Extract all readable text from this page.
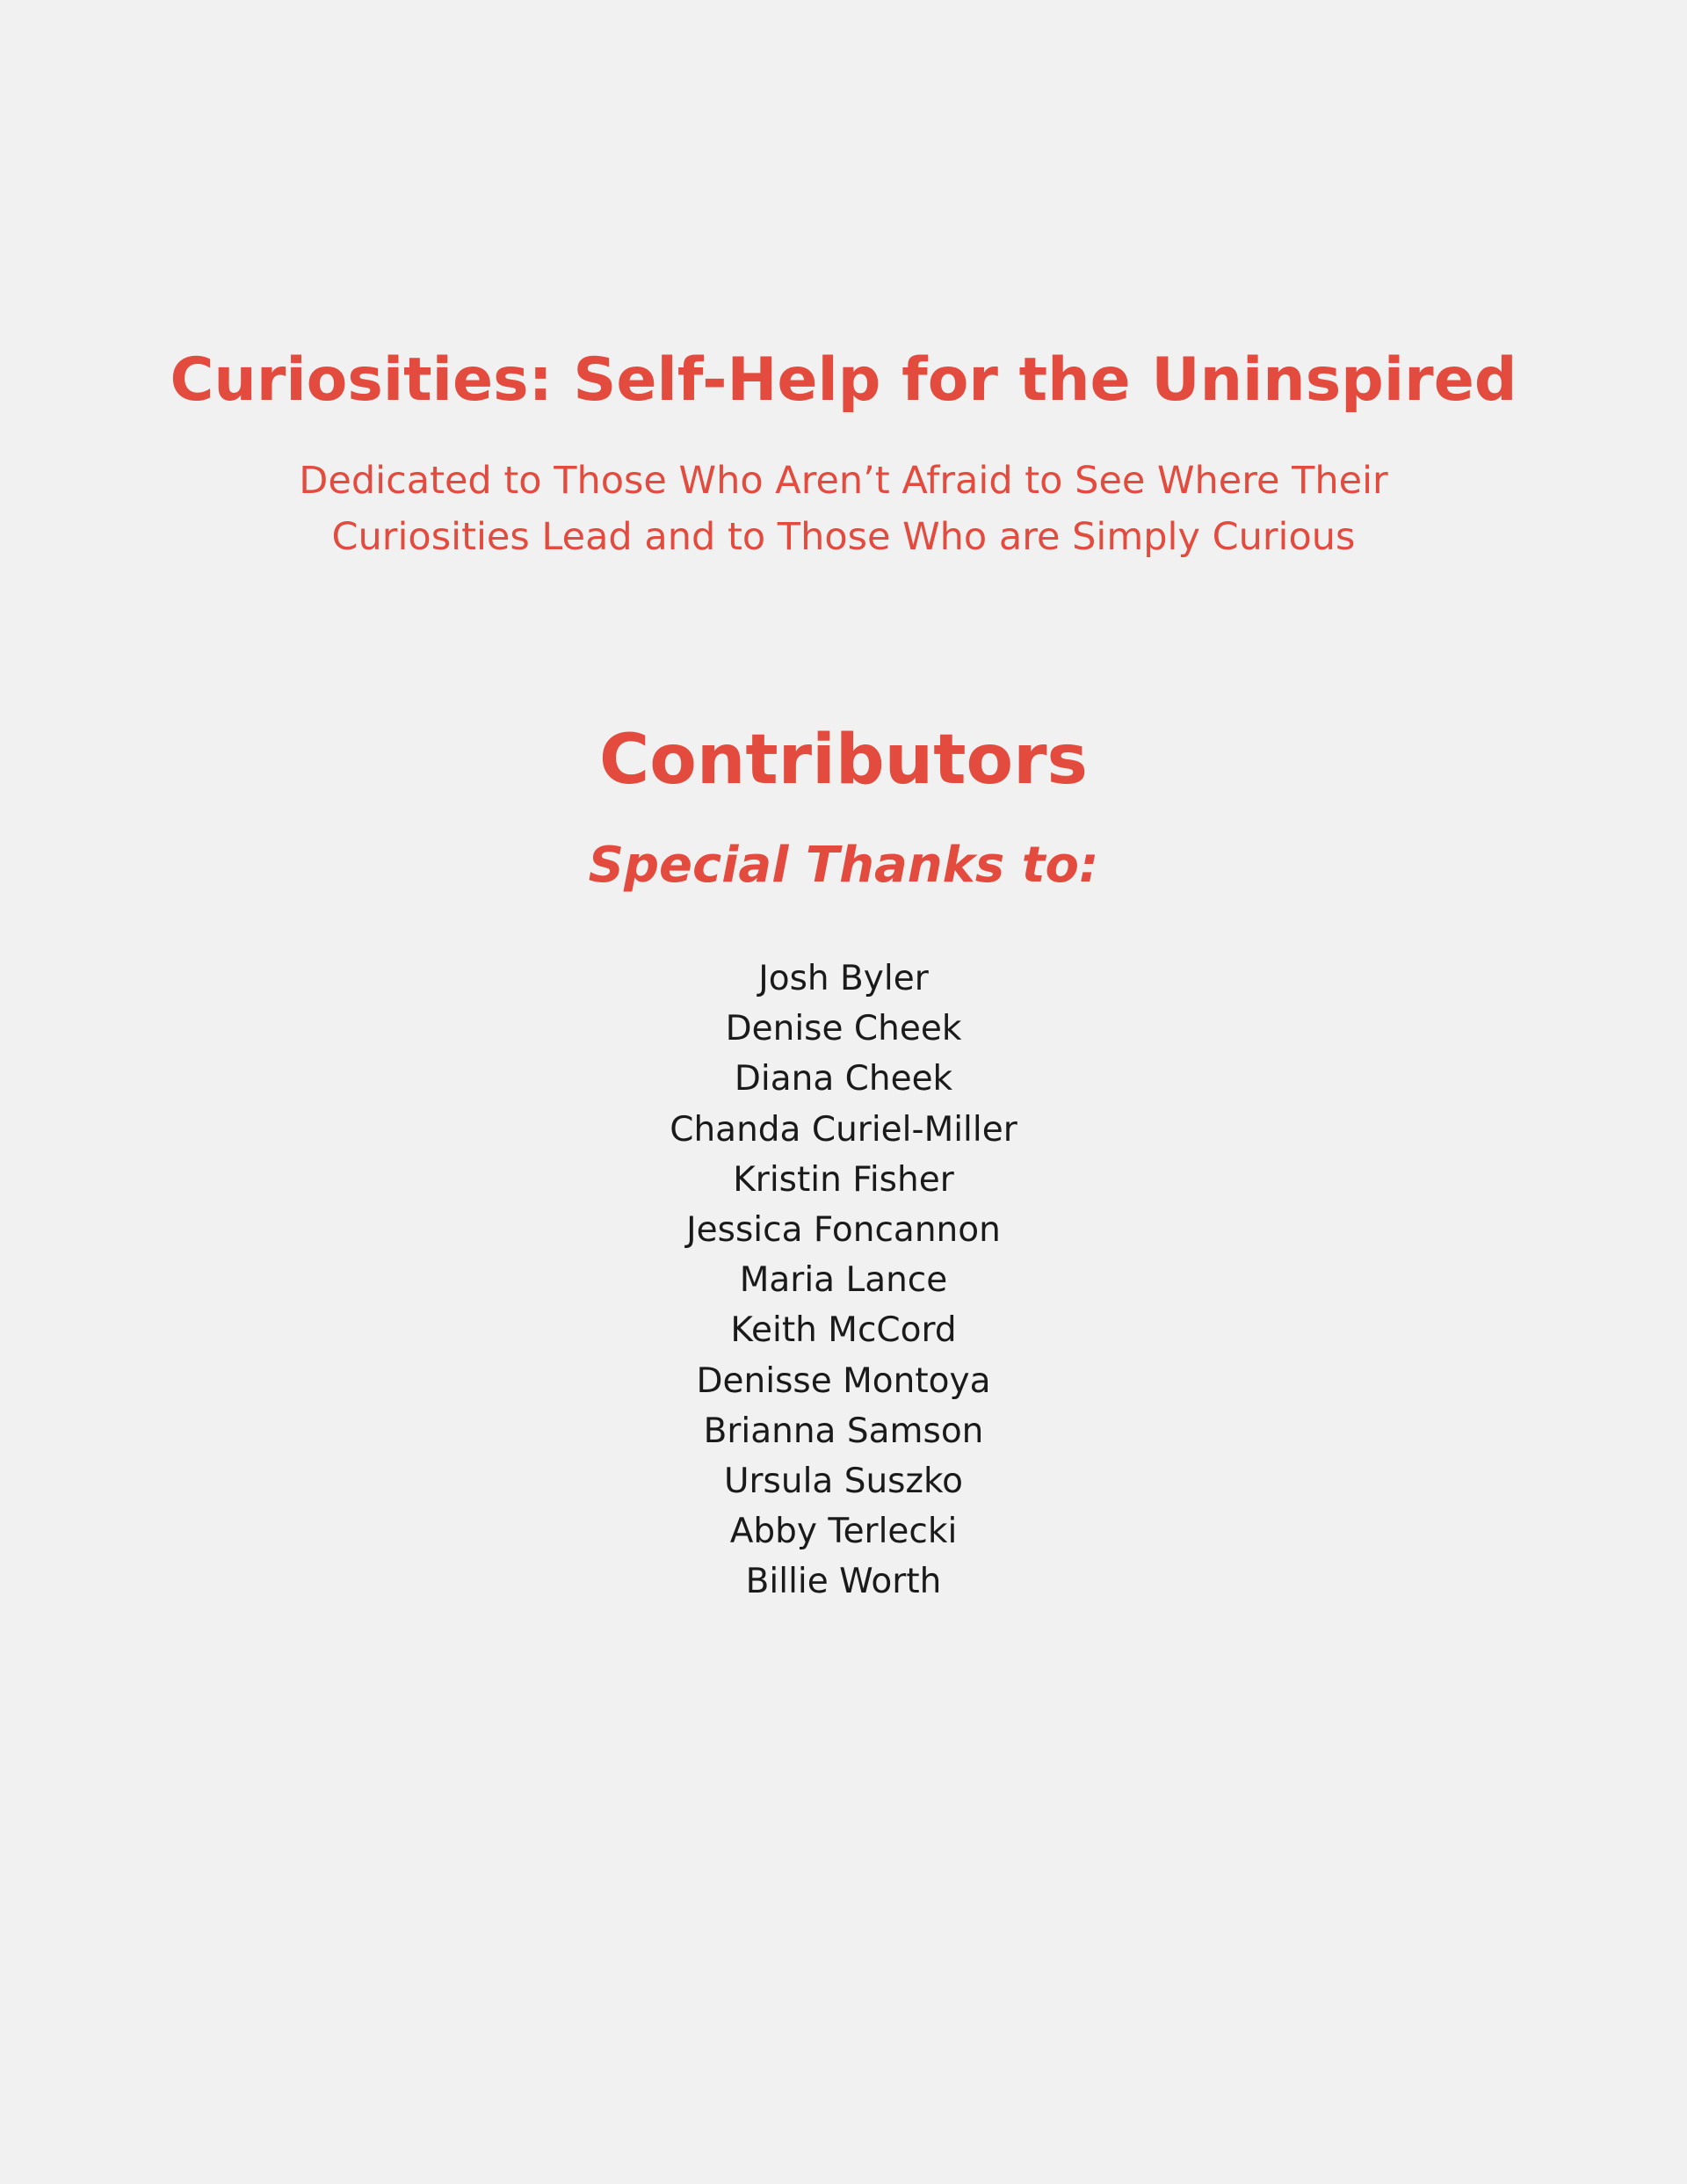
Curiosities: Self-Help for the Uninspired

Dedicated to Those Who Aren’t Afraid to See Where Their
Curiosities Lead and to Those Who are Simply Curious

Contributors
Special Thanks to:
Josh Byler
Denise Cheek
Diana Cheek
Chanda Curiel-Miller
Kristin Fisher
Jessica Foncannon
Maria Lance
Keith McCord
Denisse Montoya
Brianna Samson
Ursula Suszko
Abby Terlecki
Billie Worth
